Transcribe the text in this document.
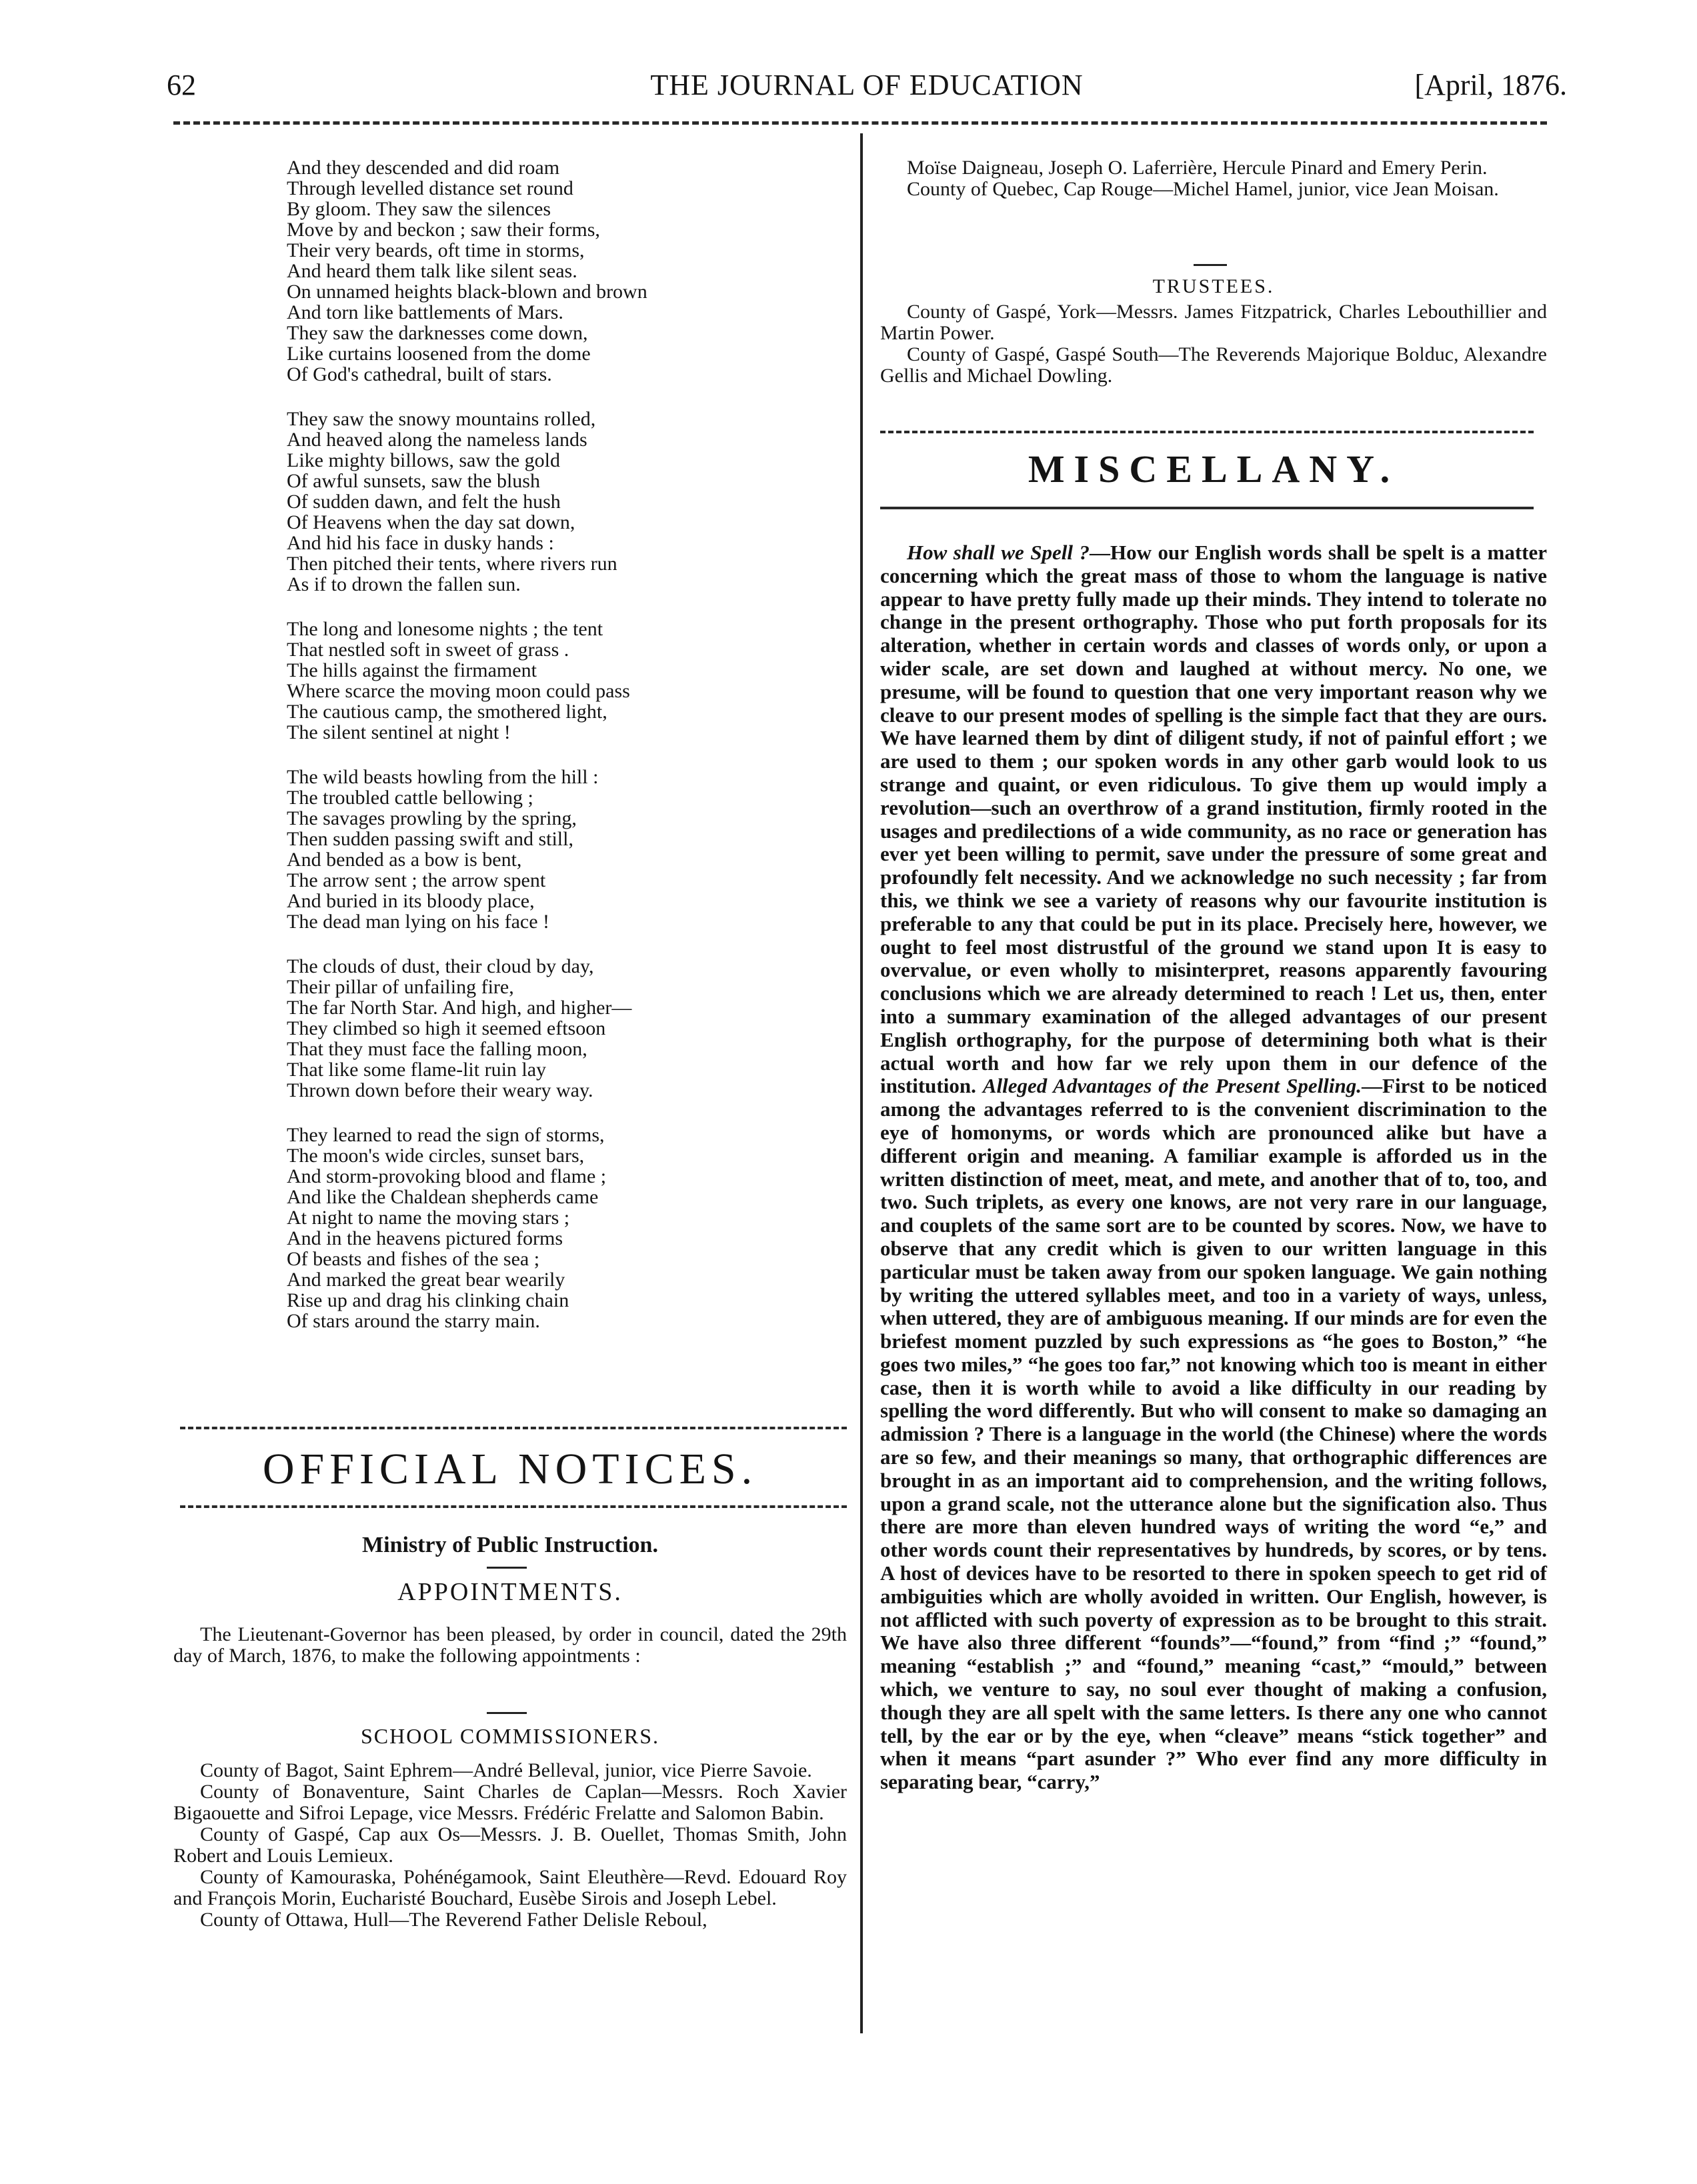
62	THE JOURNAL OF EDUCATION	[April, 1876.
And they descended and did roam
Through levelled distance set round
By gloom. They saw the silences
Move by and beckon ; saw their forms,
Their very beards, oft time in storms,
And heard them talk like silent seas.
On unnamed heights black-blown and brown
And torn like battlements of Mars.
They saw the darknesses come down,
Like curtains loosened from the dome
Of God's cathedral, built of stars.
They saw the snowy mountains rolled,
And heaved along the nameless lands
Like mighty billows, saw the gold
Of awful sunsets, saw the blush
Of sudden dawn, and felt the hush
Of Heavens when the day sat down,
And hid his face in dusky hands :
Then pitched their tents, where rivers run
As if to drown the fallen sun.
The long and lonesome nights ; the tent
That nestled soft in sweet of grass .
The hills against the firmament
Where scarce the moving moon could pass
The cautious camp, the smothered light,
The silent sentinel at night !
The wild beasts howling from the hill :
The troubled cattle bellowing ;
The savages prowling by the spring,
Then sudden passing swift and still,
And bended as a bow is bent,
The arrow sent ; the arrow spent
And buried in its bloody place,
The dead man lying on his face !
The clouds of dust, their cloud by day,
Their pillar of unfailing fire,
The far North Star. And high, and higher—
They climbed so high it seemed eftsoon
That they must face the falling moon,
That like some flame-lit ruin lay
Thrown down before their weary way.
They learned to read the sign of storms,
The moon's wide circles, sunset bars,
And storm-provoking blood and flame ;
And like the Chaldean shepherds came
At night to name the moving stars ;
And in the heavens pictured forms
Of beasts and fishes of the sea ;
And marked the great bear wearily
Rise up and drag his clinking chain
Of stars around the starry main.
OFFICIAL NOTICES.
Ministry of Public Instruction.
APPOINTMENTS.
The Lieutenant-Governor has been pleased, by order in council, dated the 29th day of March, 1876, to make the following appointments :
SCHOOL COMMISSIONERS.

County of Bagot, Saint Ephrem—André Belleval, junior, vice Pierre Savoie.

County of Bonaventure, Saint Charles de Caplan—Messrs. Roch Xavier Bigaouette and Sifroi Lepage, vice Messrs. Frédéric Frelatte and Salomon Babin.

County of Gaspé, Cap aux Os—Messrs. J. B. Ouellet, Thomas Smith, John Robert and Louis Lemieux.

County of Kamouraska, Pohénégamook, Saint Eleuthère—Revd. Edouard Roy and François Morin, Eucharisté Bouchard, Eusèbe Sirois and Joseph Lebel.

County of Ottawa, Hull—The Reverend Father Delisle Reboul,

Moïse Daigneau, Joseph O. Laferrière, Hercule Pinard and Emery Perin.

County of Quebec, Cap Rouge—Michel Hamel, junior, vice Jean Moisan.

TRUSTEES.

County of Gaspé, York—Messrs. James Fitzpatrick, Charles Lebouthillier and Martin Power.

County of Gaspé, Gaspé South—The Reverends Majorique Bolduc, Alexandre Gellis and Michael Dowling.

MISCELLANY.

How shall we Spell ?—How our English words shall be spelt is a matter concerning which the great mass of those to whom the language is native appear to have pretty fully made up their minds. They intend to tolerate no change in the present orthography. Those who put forth proposals for its alteration, whether in certain words and classes of words only, or upon a wider scale, are set down and laughed at without mercy. No one, we presume, will be found to question that one very important reason why we cleave to our present modes of spelling is the simple fact that they are ours. We have learned them by dint of diligent study, if not of painful effort ; we are used to them ; our spoken words in any other garb would look to us strange and quaint, or even ridiculous. To give them up would imply a revolution—such an overthrow of a grand institution, firmly rooted in the usages and predilections of a wide community, as no race or generation has ever yet been willing to permit, save under the pressure of some great and profoundly felt necessity. And we acknowledge no such necessity ; far from this, we think we see a variety of reasons why our favourite institution is preferable to any that could be put in its place. Precisely here, however, we ought to feel most distrustful of the ground we stand upon It is easy to overvalue, or even wholly to misinterpret, reasons apparently favouring conclusions which we are already determined to reach ! Let us, then, enter into a summary examination of the alleged advantages of our present English orthography, for the purpose of determining both what is their actual worth and how far we rely upon them in our defence of the institution. Alleged Advantages of the Present Spelling.—First to be noticed among the advantages referred to is the convenient discrimination to the eye of homonyms, or words which are pronounced alike but have a different origin and meaning. A familiar example is afforded us in the written distinction of meet, meat, and mete, and another that of to, too, and two. Such triplets, as every one knows, are not very rare in our language, and couplets of the same sort are to be counted by scores. Now, we have to observe that any credit which is given to our written language in this particular must be taken away from our spoken language. We gain nothing by writing the uttered syllables meet, and too in a variety of ways, unless, when uttered, they are of ambiguous meaning. If our minds are for even the briefest moment puzzled by such expressions as “he goes to Boston,” “he goes two miles,” “he goes too far,” not knowing which too is meant in either case, then it is worth while to avoid a like difficulty in our reading by spelling the word differently. But who will consent to make so damaging an admission ? There is a language in the world (the Chinese) where the words are so few, and their meanings so many, that orthographic differences are brought in as an important aid to comprehension, and the writing follows, upon a grand scale, not the utterance alone but the signification also. Thus there are more than eleven hundred ways of writing the word “e,” and other words count their representatives by hundreds, by scores, or by tens. A host of devices have to be resorted to there in spoken speech to get rid of ambiguities which are wholly avoided in written. Our English, however, is not afflicted with such poverty of expression as to be brought to this strait. We have also three different “founds”—“found,” from “find ;” “found,” meaning “establish ;” and “found,” meaning “cast,” “mould,” between which, we venture to say, no soul ever thought of making a confusion, though they are all spelt with the same letters. Is there any one who cannot tell, by the ear or by the eye, when “cleave” means “stick together” and when it means “part asunder ?” Who ever find any more difficulty in separating bear, “carry,”
